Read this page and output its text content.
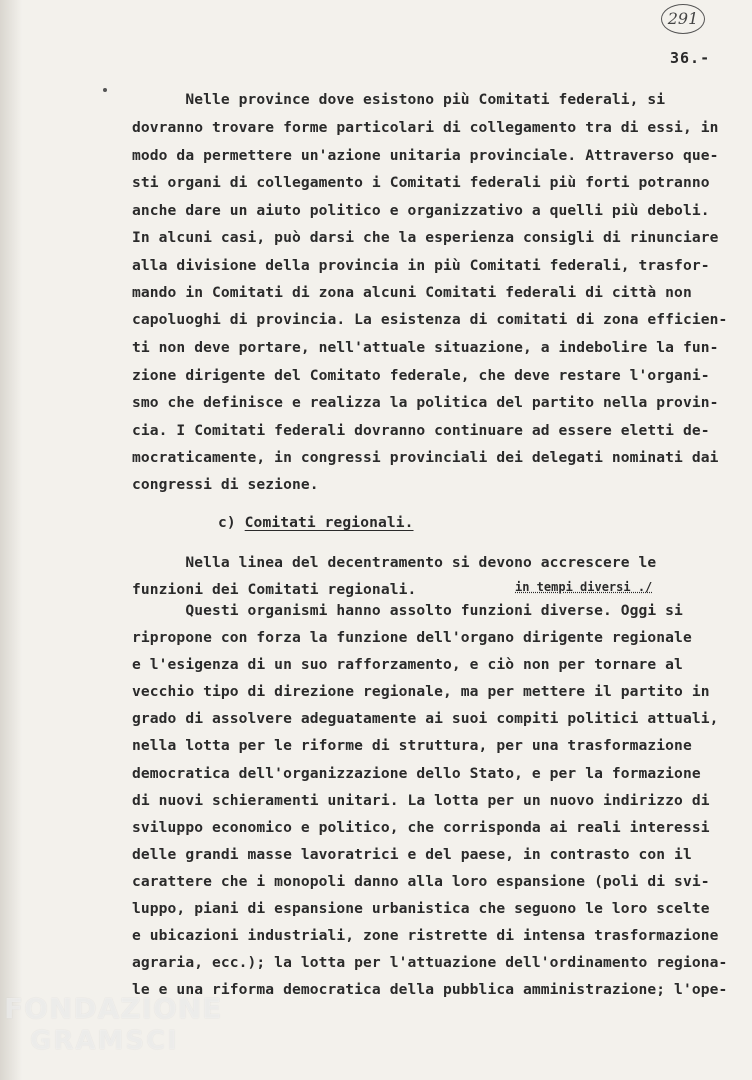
291
36.-
Nelle province dove esistono più Comitati federali, si
dovranno trovare forme particolari di collegamento tra di essi, in
modo da permettere un'azione unitaria provinciale. Attraverso que-
sti organi di collegamento i Comitati federali più forti potranno
anche dare un aiuto politico e organizzativo a quelli più deboli.
In alcuni casi, può darsi che la esperienza consigli di rinunciare
alla divisione della provincia in più Comitati federali, trasfor-
mando in Comitati di zona alcuni Comitati federali di città non
capoluoghi di provincia. La esistenza di comitati di zona efficien-
ti non deve portare, nell'attuale situazione, a indebolire la fun-
zione dirigente del Comitato federale, che deve restare l'organi-
smo che definisce e realizza la politica del partito nella provin-
cia. I Comitati federali dovranno continuare ad essere eletti de-
mocraticamente, in congressi provinciali dei delegati nominati dai
congressi di sezione.
c) Comitati regionali.
Nella linea del decentramento si devono accrescere le
funzioni dei Comitati regionali.	in tempi diversi ./
Questi organismi hanno assolto funzioni diverse. Oggi si
ripropone con forza la funzione dell'organo dirigente regionale
e l'esigenza di un suo rafforzamento, e ciò non per tornare al
vecchio tipo di direzione regionale, ma per mettere il partito in
grado di assolvere adeguatamente ai suoi compiti politici attuali,
nella lotta per le riforme di struttura, per una trasformazione
democratica dell'organizzazione dello Stato, e per la formazione
di nuovi schieramenti unitari. La lotta per un nuovo indirizzo di
sviluppo economico e politico, che corrisponda ai reali interessi
delle grandi masse lavoratrici e del paese, in contrasto con il
carattere che i monopoli danno alla loro espansione (poli di svi-
luppo, piani di espansione urbanistica che seguono le loro scelte
e ubicazioni industriali, zone ristrette di intensa trasformazione
agraria, ecc.); la lotta per l'attuazione dell'ordinamento regiona-
le e una riforma democratica della pubblica amministrazione; l'ope-
FONDAZIONE
GRAMSCI
